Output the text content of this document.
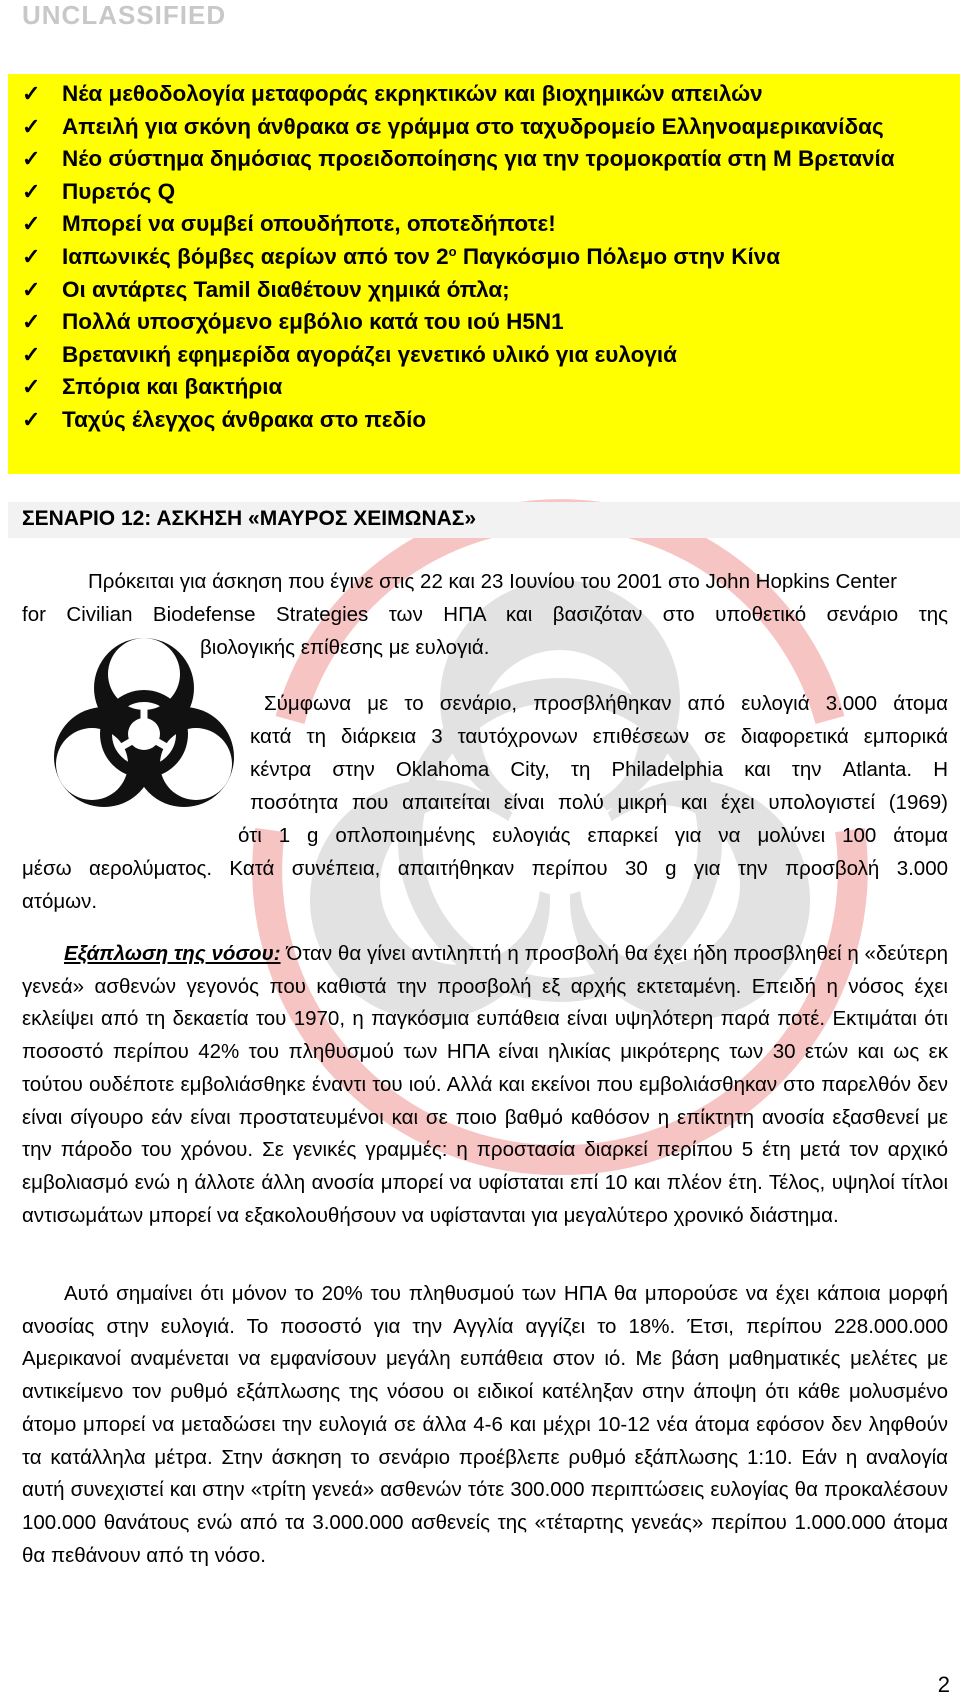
UNCLASSIFIED
✓ Νέα μεθοδολογία μεταφοράς εκρηκτικών και βιοχημικών απειλών
✓ Απειλή για σκόνη άνθρακα σε γράμμα στο ταχυδρομείο Ελληνοαμερικανίδας
✓ Νέο σύστημα δημόσιας προειδοποίησης για την τρομοκρατία στη Μ Βρετανία
✓ Πυρετός Q
✓ Μπορεί να συμβεί οπουδήποτε, οποτεδήποτε!
✓ Ιαπωνικές βόμβες αερίων από τον $2^o$ Παγκόσμιο Πόλεμο στην Κίνα
✓ Οι αντάρτες Tamil διαθέτουν χημικά όπλα;
✓ Πολλά υποσχόμενο εμβόλιο κατά του ιού H5N1
✓ Βρετανική εφημερίδα αγοράζει γενετικό υλικό για ευλογιά
✓ Σπόρια και βακτήρια
✓ Ταχύς έλεγχος άνθρακα στο πεδίο
ΣΕΝΑΡΙΟ 12: ΑΣΚΗΣΗ «ΜΑΥΡΟΣ ΧΕΙΜΩΝΑΣ»

Πρόκειται για άσκηση που έγινε στις 22 και 23 Ιουνίου του 2001 στο John Hopkins Center

for Civilian Biodefense Strategies των ΗΠΑ και βασιζόταν στο υποθετικό σενάριο της

βιολογικής επίθεσης με ευλογιά.

Σύμφωνα με το σενάριο, προσβλήθηκαν από ευλογιά 3.000 άτομα

κατά τη διάρκεια 3 ταυτόχρονων επιθέσεων σε διαφορετικά εμπορικά

κέντρα στην Oklahoma City, τη Philadelphia και την Atlanta. Η

ποσότητα που απαιτείται είναι πολύ μικρή και έχει υπολογιστεί (1969)

ότι 1 g οπλοποιημένης ευλογιάς επαρκεί για να μολύνει 100 άτομα

μέσω αερολύματος. Κατά συνέπεια, απαιτήθηκαν περίπου 30 g για την προσβολή 3.000

ατόμων.

Εξάπλωση της νόσου: Όταν θα γίνει αντιληπτή η προσβολή θα έχει ήδη προσβληθεί η «δεύτερη γενεά» ασθενών γεγονός που καθιστά την προσβολή εξ αρχής εκτεταμένη. Επειδή η νόσος έχει εκλείψει από τη δεκαετία του 1970, η παγκόσμια ευπάθεια είναι υψηλότερη παρά ποτέ. Εκτιμάται ότι ποσοστό περίπου 42% του πληθυσμού των ΗΠΑ είναι ηλικίας μικρότερης των 30 ετών και ως εκ τούτου ουδέποτε εμβολιάσθηκε έναντι του ιού. Αλλά και εκείνοι που εμβολιάσθηκαν στο παρελθόν δεν είναι σίγουρο εάν είναι προστατευμένοι και σε ποιο βαθμό καθόσον η επίκτητη ανοσία εξασθενεί με την πάροδο του χρόνου. Σε γενικές γραμμές: η προστασία διαρκεί περίπου 5 έτη μετά τον αρχικό εμβολιασμό ενώ η άλλοτε άλλη ανοσία μπορεί να υφίσταται επί 10 και πλέον έτη. Τέλος, υψηλοί τίτλοι αντισωμάτων μπορεί να εξακολουθήσουν να υφίστανται για μεγαλύτερο χρονικό διάστημα.

Αυτό σημαίνει ότι μόνον το 20% του πληθυσμού των ΗΠΑ θα μπορούσε να έχει κάποια μορφή ανοσίας στην ευλογιά. Το ποσοστό για την Αγγλία αγγίζει το 18%. Έτσι, περίπου 228.000.000 Αμερικανοί αναμένεται να εμφανίσουν μεγάλη ευπάθεια στον ιό. Με βάση μαθηματικές μελέτες με αντικείμενο τον ρυθμό εξάπλωσης της νόσου οι ειδικοί κατέληξαν στην άποψη ότι κάθε μολυσμένο άτομο μπορεί να μεταδώσει την ευλογιά σε άλλα 4-6 και μέχρι 10-12 νέα άτομα εφόσον δεν ληφθούν τα κατάλληλα μέτρα. Στην άσκηση το σενάριο προέβλεπε ρυθμό εξάπλωσης 1:10. Εάν η αναλογία αυτή συνεχιστεί και στην «τρίτη γενεά» ασθενών τότε 300.000 περιπτώσεις ευλογίας θα προκαλέσουν 100.000 θανάτους ενώ από τα 3.000.000 ασθενείς της «τέταρτης γενεάς» περίπου 1.000.000 άτομα θα πεθάνουν από τη νόσο.

2
